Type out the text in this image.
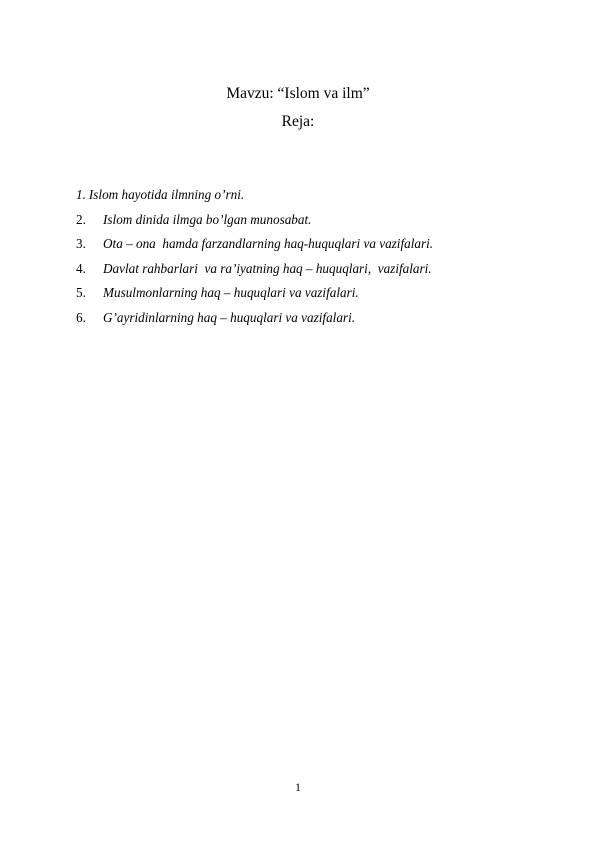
Mavzu: “Islom va ilm”
Reja:
1. Islom hayotida ilmning o’rni.
2. Islom dinida ilmga bo’lgan munosabat.
3. Ota – ona  hamda farzandlarning haq-huquqlari va vazifalari.
4. Davlat rahbarlari  va ra’iyatning haq – huquqlari,  vazifalari.
5. Musulmonlarning haq – huquqlari va vazifalari.
6. G’ayridinlarning haq – huquqlari va vazifalari.
1
